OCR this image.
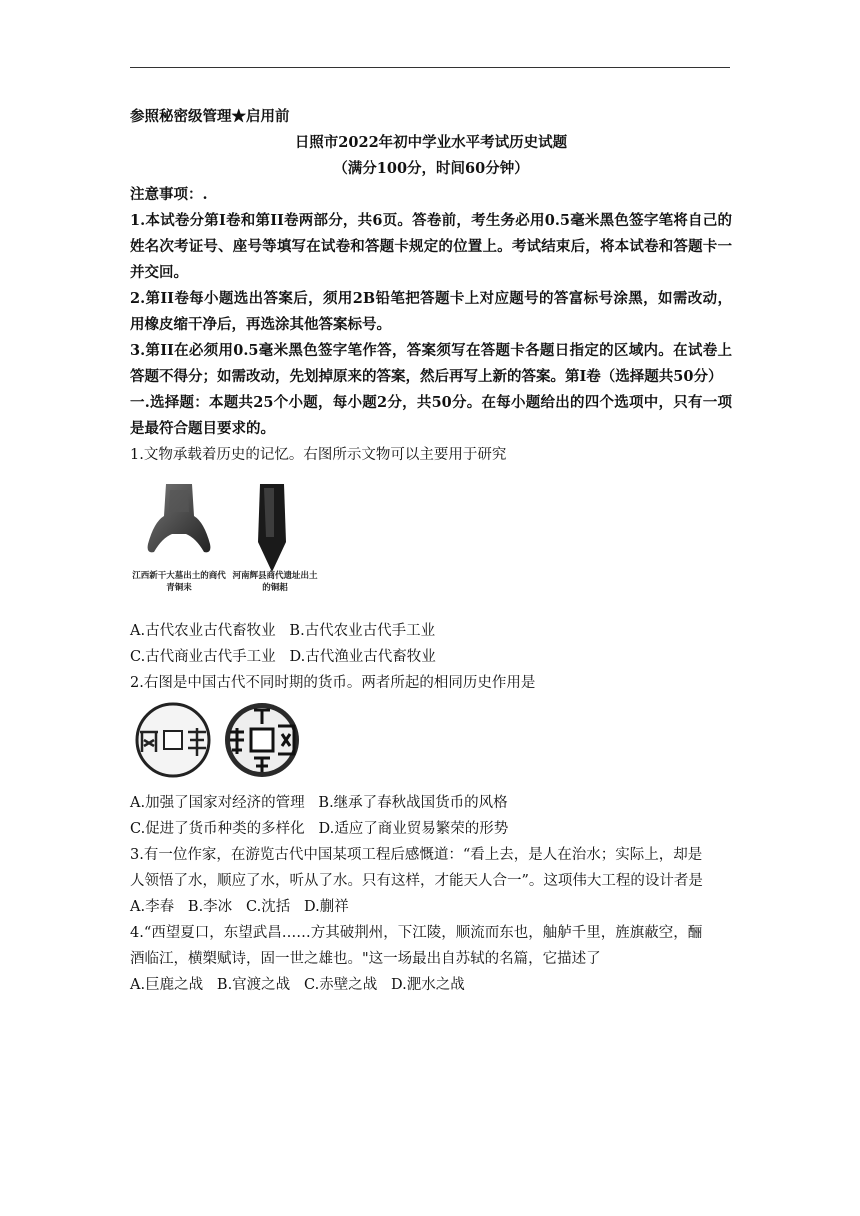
参照秘密级管理★启用前
日照市2022年初中学业水平考试历史试题
（满分100分，时间60分钟）
注意事项：.
1.本试卷分第Ⅰ卷和第II卷两部分，共6页。答卷前，考生务必用0.5毫米黑色签字笔将自己的姓名次考证号、座号等填写在试卷和答题卡规定的位置上。考试结束后，将本试卷和答题卡一并交回。
2.第II卷每小题选出答案后，须用2B铅笔把答题卡上对应题号的答富标号涂黑，如需改动，用橡皮缩干净后，再选涂其他答案标号。
3.第II在必须用0.5毫米黑色签字笔作答，答案须写在答题卡各题日指定的区域内。在试卷上答题不得分；如需改动，先划掉原来的答案，然后再写上新的答案。第Ⅰ卷（选择题共50分）
一.选择题：本题共25个小题，每小题2分，共50分。在每小题给出的四个选项中，只有一项是最符合题目要求的。
1.文物承载着历史的记忆。右图所示文物可以主要用于研究
江西新干大墓出土的商代青铜耒
河南辉县商代遗址出土的铜耜
A.古代农业古代畜牧业 B.古代农业古代手工业
C.古代商业古代手工业 D.古代渔业古代畜牧业
2.右图是中国古代不同时期的货币。两者所起的相同历史作用是
A.加强了国家对经济的管理 B.继承了春秋战国货币的风格
C.促进了货币种类的多样化 D.适应了商业贸易繁荣的形势
3.有一位作家，在游览古代中国某项工程后感慨道：“看上去，是人在治水；实际上，却是
人领悟了水，顺应了水，听从了水。只有这样，才能天人合一”。这项伟大工程的设计者是
A.李春 B.李冰 C.沈括 D.蒯祥
4.“西望夏口，东望武昌……方其破荆州，下江陵，顺流而东也，舳舻千里，旌旗蔽空，酾
酒临江，横槊赋诗，固一世之雄也。"这一场最出自苏轼的名篇，它描述了
A.巨鹿之战 B.官渡之战 C.赤壁之战 D.淝水之战
